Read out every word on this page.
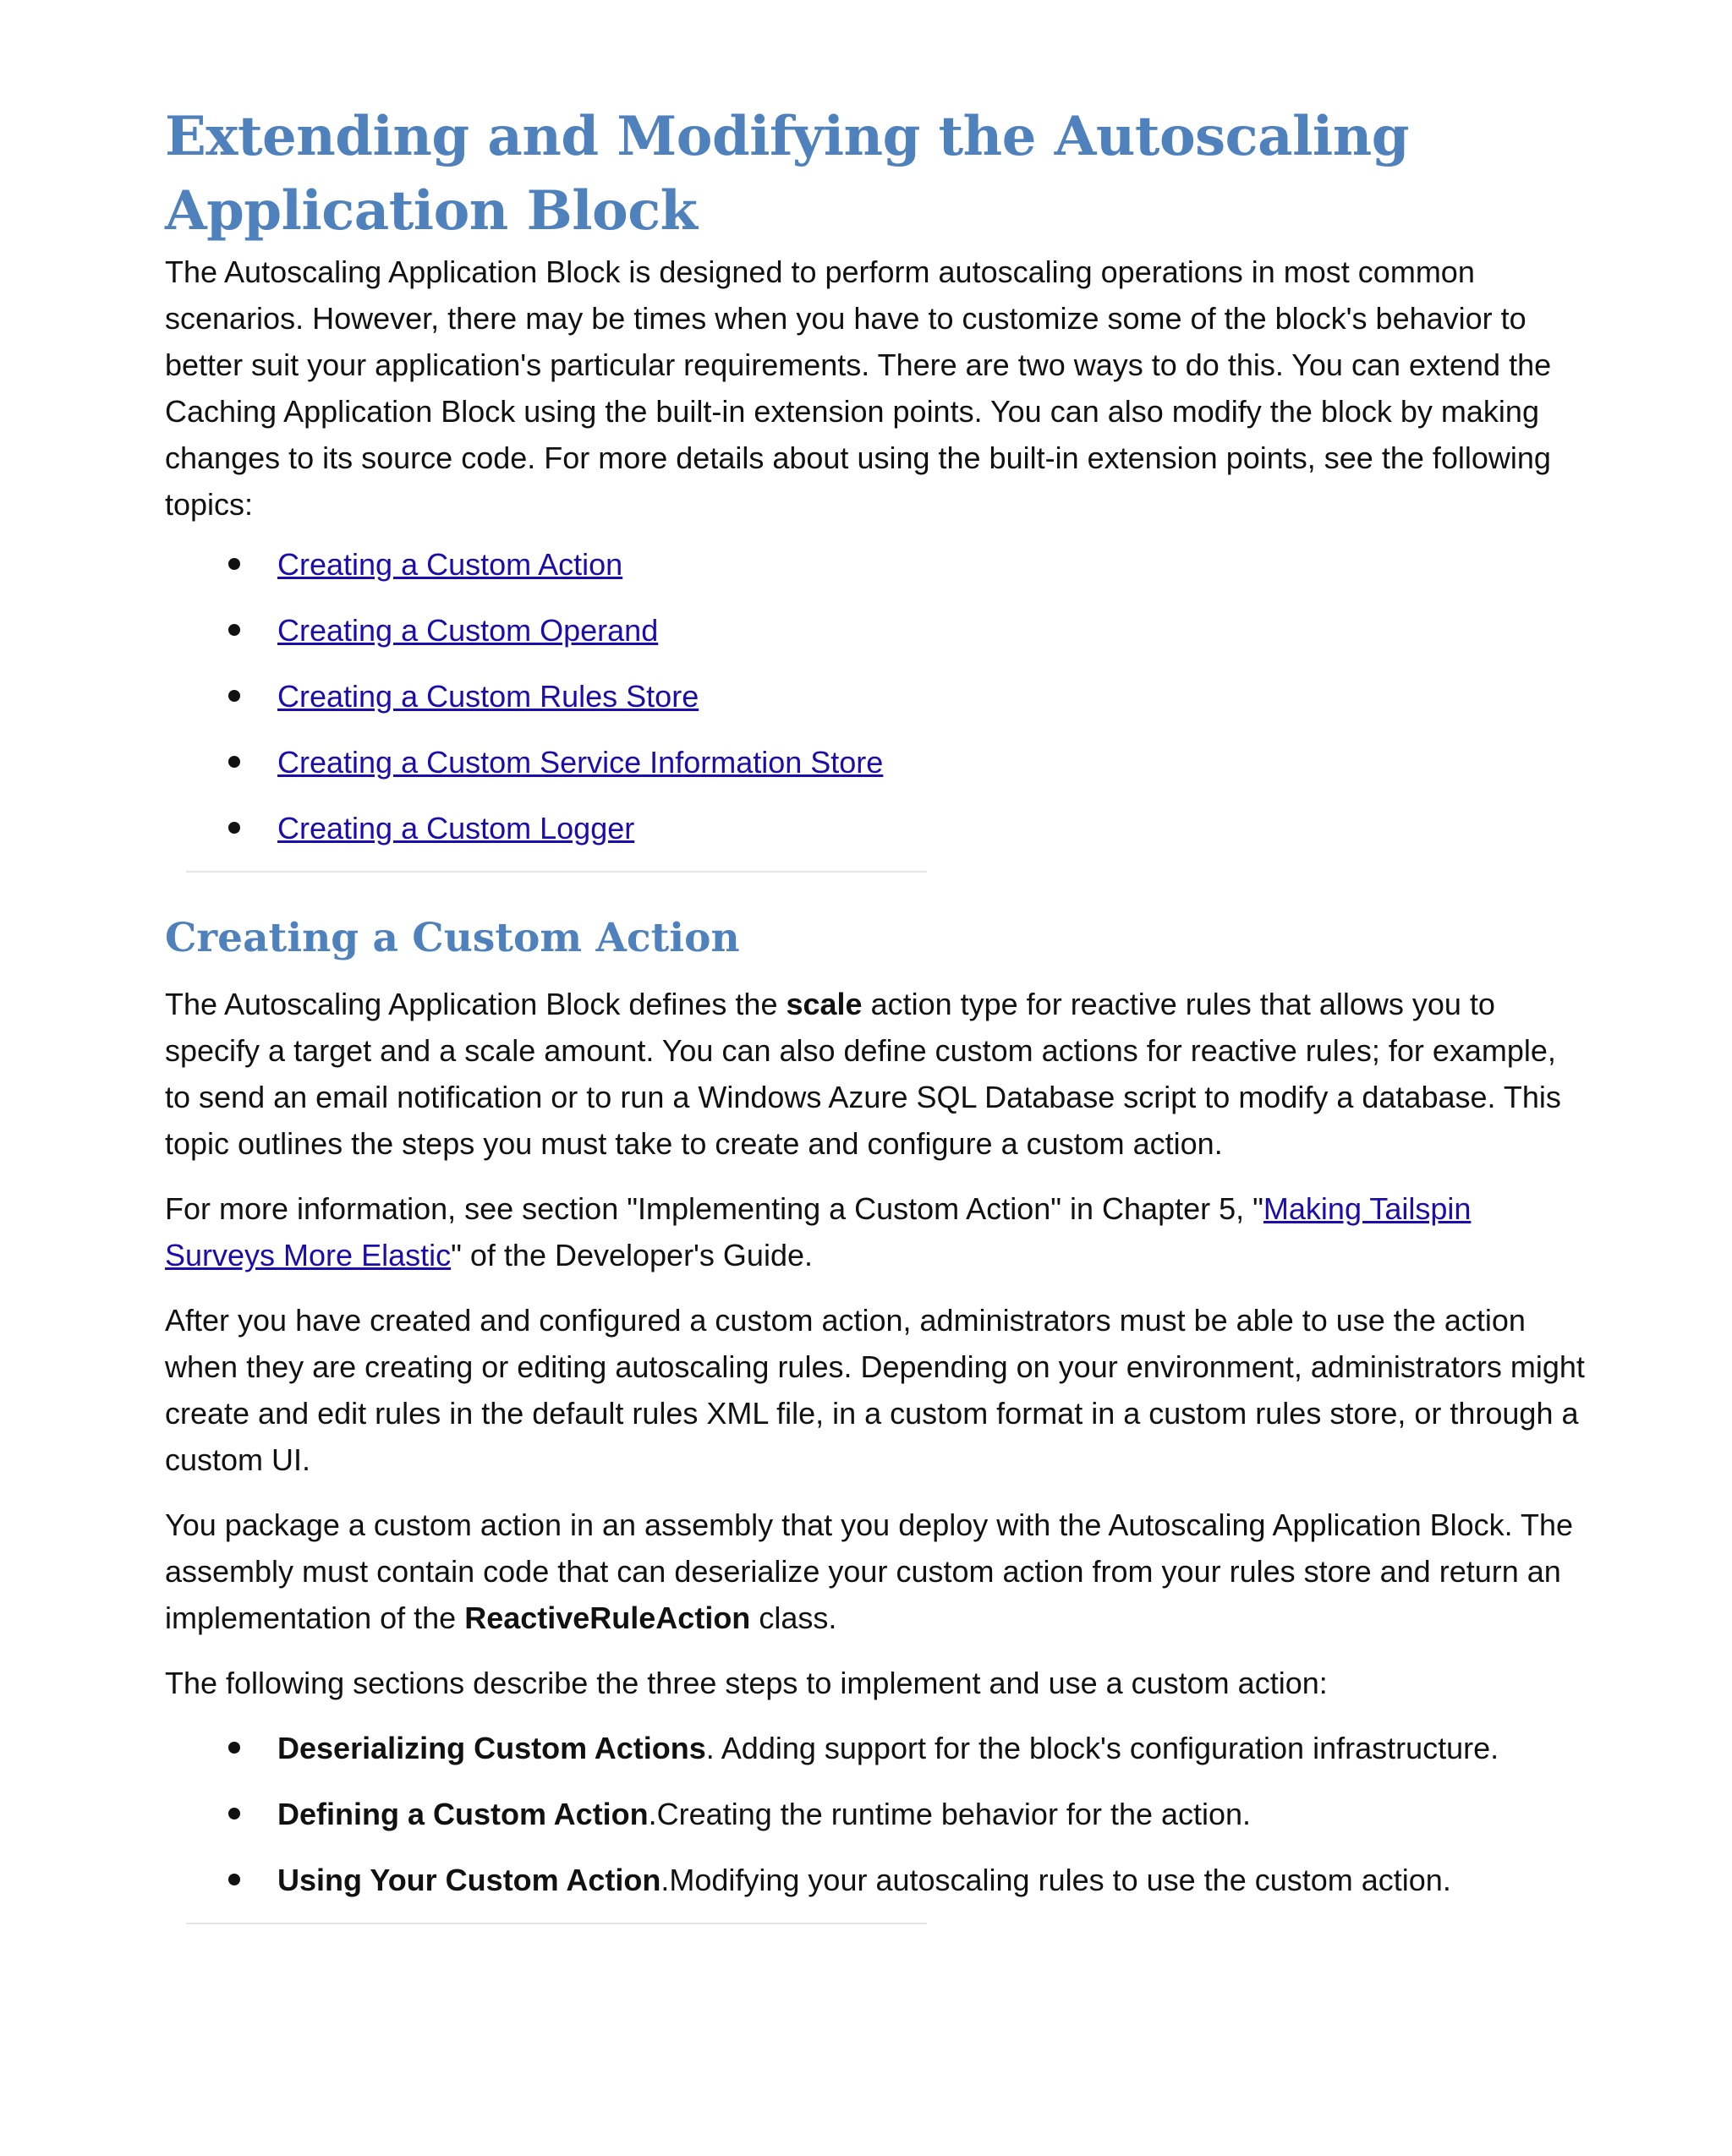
Extending and Modifying the Autoscaling Application Block

The Autoscaling Application Block is designed to perform autoscaling operations in most common scenarios. However, there may be times when you have to customize some of the block's behavior to better suit your application's particular requirements. There are two ways to do this. You can extend the Caching Application Block using the built-in extension points. You can also modify the block by making changes to its source code. For more details about using the built-in extension points, see the following topics:

Creating a Custom Action
Creating a Custom Operand
Creating a Custom Rules Store
Creating a Custom Service Information Store
Creating a Custom Logger
Creating a Custom Action

The Autoscaling Application Block defines the scale action type for reactive rules that allows you to specify a target and a scale amount. You can also define custom actions for reactive rules; for example, to send an email notification or to run a Windows Azure SQL Database script to modify a database. This topic outlines the steps you must take to create and configure a custom action.

For more information, see section "Implementing a Custom Action" in Chapter 5, "Making Tailspin Surveys More Elastic" of the Developer's Guide.

After you have created and configured a custom action, administrators must be able to use the action when they are creating or editing autoscaling rules. Depending on your environment, administrators might create and edit rules in the default rules XML file, in a custom format in a custom rules store, or through a custom UI.

You package a custom action in an assembly that you deploy with the Autoscaling Application Block. The assembly must contain code that can deserialize your custom action from your rules store and return an implementation of the ReactiveRuleAction class.

The following sections describe the three steps to implement and use a custom action:

Deserializing Custom Actions. Adding support for the block's configuration infrastructure.
Defining a Custom Action.Creating the runtime behavior for the action.
Using Your Custom Action.Modifying your autoscaling rules to use the custom action.
